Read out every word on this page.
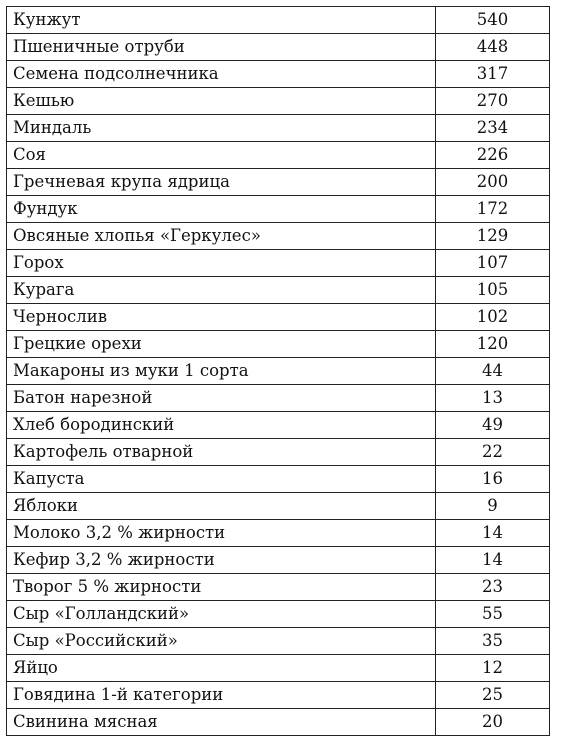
Кунжут	540
Пшеничные отруби	448
Семена подсолнечника	317
Кешью	270
Миндаль	234
Соя	226
Гречневая крупа ядрица	200
Фундук	172
Овсяные хлопья «Геркулес»	129
Горох	107
Курага	105
Чернослив	102
Грецкие орехи	120
Макароны из муки 1 сорта	44
Батон нарезной	13
Хлеб бородинский	49
Картофель отварной	22
Капуста	16
Яблоки	9
Молоко 3,2 % жирности	14
Кефир 3,2 % жирности	14
Творог 5 % жирности	23
Сыр «Голландский»	55
Сыр «Российский»	35
Яйцо	12
Говядина 1-й категории	25
Свинина мясная	20
